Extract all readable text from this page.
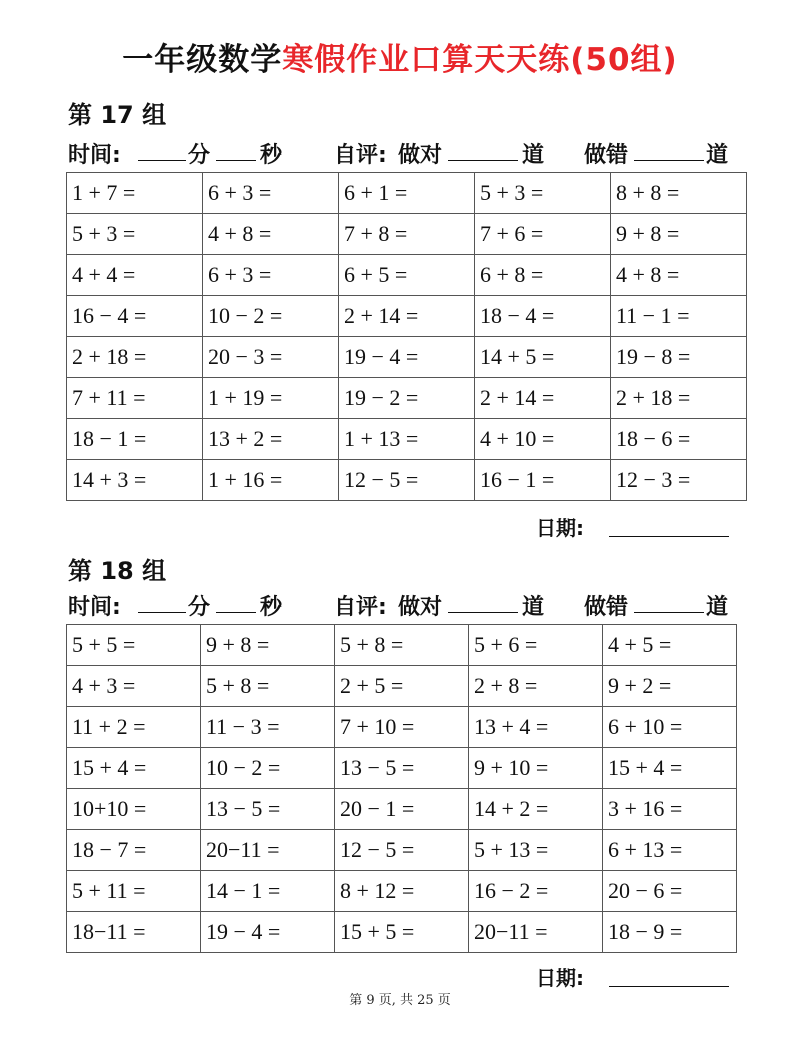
一年级数学寒假作业口算天天练(50组)
第 17 组
时间:	分 秒 自评: 做对	道 做错	道
1 + 7 =	6 + 3 =	6 + 1 =	5 + 3 =	8 + 8 =
5 + 3 =	4 + 8 =	7 + 8 =	7 + 6 =	9 + 8 =
4 + 4 =	6 + 3 =	6 + 5 =	6 + 8 =	4 + 8 =
16 − 4 =	10 − 2 =	2 + 14 =	18 − 4 =	11 − 1 =
2 + 18 =	20 − 3 =	19 − 4 =	14 + 5 =	19 − 8 =
7 + 11 =	1 + 19 =	19 − 2 =	2 + 14 =	2 + 18 =
18 − 1 =	13 + 2 =	1 + 13 =	4 + 10 =	18 − 6 =
14 + 3 =	1 + 16 =	12 − 5 =	16 − 1 =	12 − 3 =
日期:
第 18 组
时间:	分 秒 自评: 做对	道 做错	道
5 + 5 =	9 + 8 =	5 + 8 =	5 + 6 =	4 + 5 =
4 + 3 =	5 + 8 =	2 + 5 =	2 + 8 =	9 + 2 =
11 + 2 =	11 − 3 =	7 + 10 =	13 + 4 =	6 + 10 =
15 + 4 =	10 − 2 =	13 − 5 =	9 + 10 =	15 + 4 =
10+10 =	13 − 5 =	20 − 1 =	14 + 2 =	3 + 16 =
18 − 7 =	20−11 =	12 − 5 =	5 + 13 =	6 + 13 =
5 + 11 =	14 − 1 =	8 + 12 =	16 − 2 =	20 − 6 =
18−11 =	19 − 4 =	15 + 5 =	20−11 =	18 − 9 =
日期:
第 9 页, 共 25 页
